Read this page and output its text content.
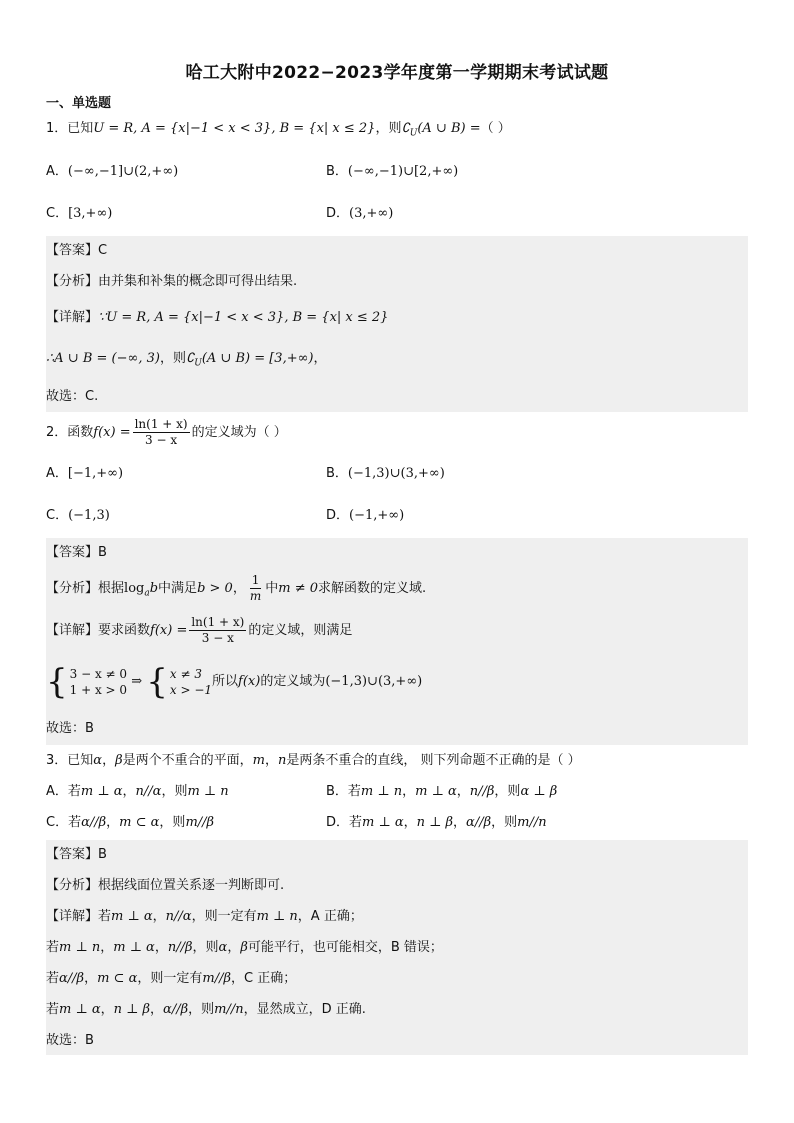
哈工大附中2022−2023学年度第一学期期末考试试题
一、单选题
1．已知U = R, A = {x|−1 < x < 3}, B = {x| x ≤ 2}，则$∁_U(A$ ∪ B) =（ ）
A．(−∞,−1]∪(2,+∞)	B．(−∞,−1)∪[2,+∞)
C．[3,+∞)	D．(3,+∞)
【答案】C
【分析】由并集和补集的概念即可得出结果.
【详解】∵U = R, A = {x|−1 < x < 3}, B = {x| x ≤ 2}
∴A ∪ B = (−∞, 3)，则$∁_U(A$ ∪ B) = [3,+∞)，
故选：C.
2．函数$f(x) = \frac{\ln(1 + x)}{3 - x}$ 的定义域为（ ）
A．[−1,+∞)	B．(−1,3)∪(3,+∞)
C．(−1,3)	D．(−1,+∞)
【答案】B
【分析】根据$\log_ab$中满足b > 0， $\frac{1}{m}$ 中m ≠ 0求解函数的定义域.
【详解】要求函数$f(x) = \frac{\ln(1 + x)}{3 - x}$ 的定义域，则满足
{ 3 − x ≠ 0
1 + x > 0
⇒ { x ≠ 3
x > −1
所以f(x)的定义域为(−1,3)∪(3,+∞)
故选：B
3．已知α，β是两个不重合的平面，m，n是两条不重合的直线， 则下列命题不正确的是（ ）
A．若m ⊥ α，n//α，则m ⊥ n	B．若m ⊥ n，m ⊥ α，n//β，则α ⊥ β
C．若α//β，m ⊂ α，则m//β	D．若m ⊥ α，n ⊥ β，α//β，则m//n
【答案】B
【分析】根据线面位置关系逐一判断即可.
【详解】若m ⊥ α，n//α，则一定有m ⊥ n，A 正确；
若m ⊥ n，m ⊥ α，n//β，则α，β可能平行，也可能相交，B 错误；
若α//β，m ⊂ α，则一定有m//β，C 正确；
若m ⊥ α，n ⊥ β，α//β，则m//n，显然成立，D 正确.
故选：B
